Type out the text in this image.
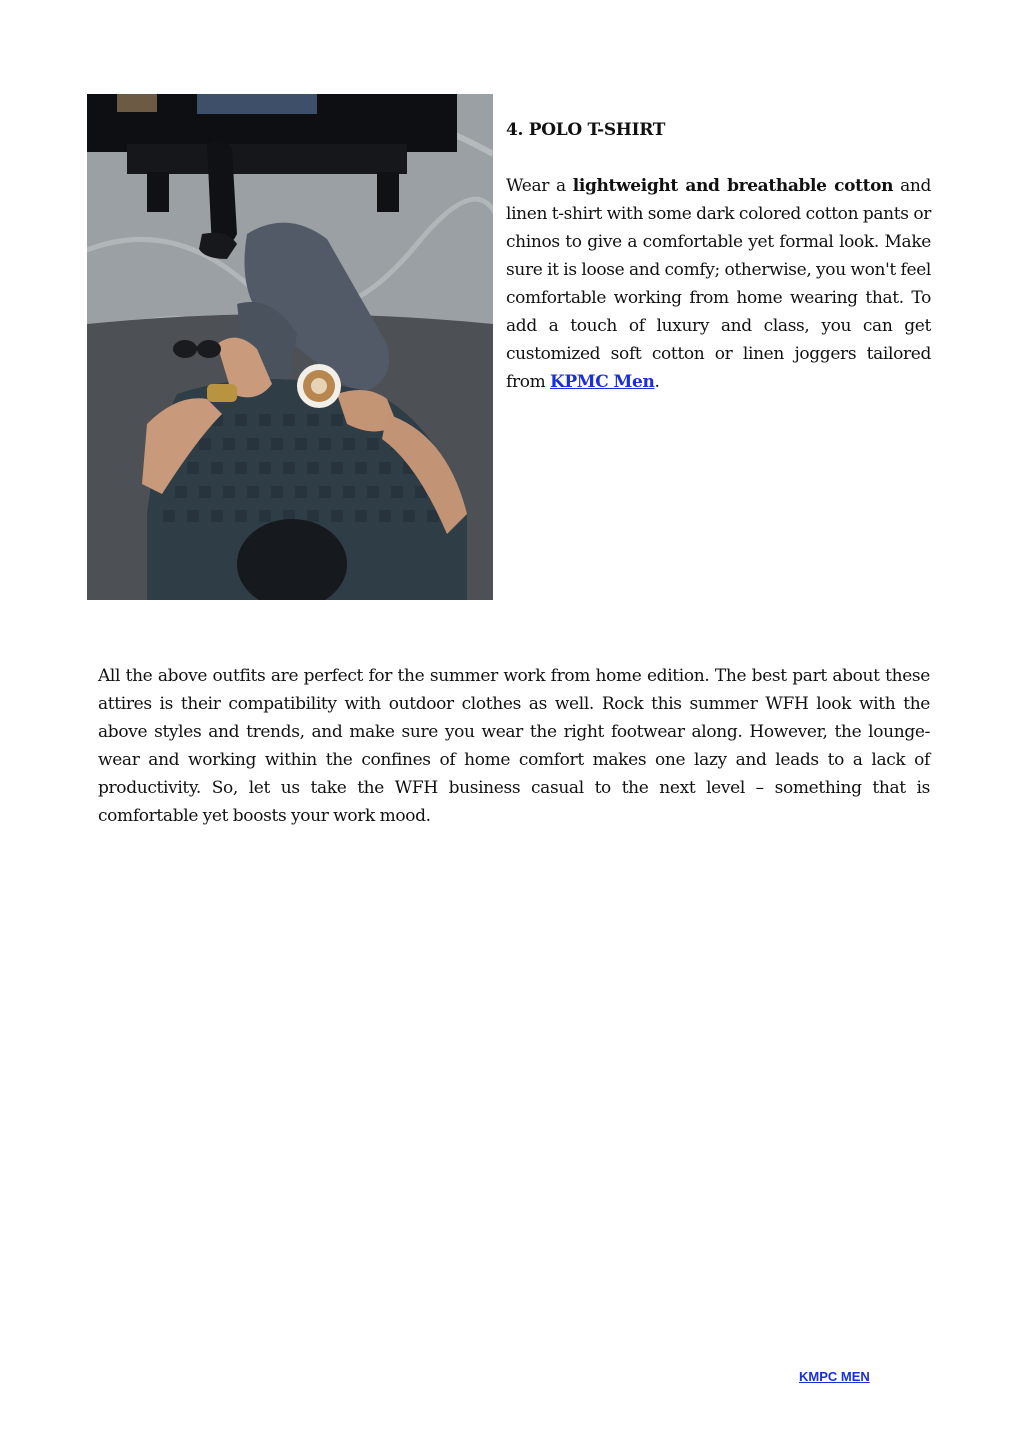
4. POLO T-SHIRT

Wear a lightweight and breathable cotton and linen t-shirt with some dark colored cotton pants or chinos to give a comfortable yet formal look. Make sure it is loose and comfy; otherwise, you won't feel comfortable working from home wearing that. To add a touch of luxury and class, you can get customized soft cotton or linen joggers tailored from KPMC Men.

All the above outfits are perfect for the summer work from home edition. The best part about these attires is their compatibility with outdoor clothes as well. Rock this summer WFH look with the above styles and trends, and make sure you wear the right footwear along. However, the lounge-wear and working within the confines of home comfort makes one lazy and leads to a lack of productivity. So, let us take the WFH business casual to the next level – something that is comfortable yet boosts your work mood.

KMPC MEN
